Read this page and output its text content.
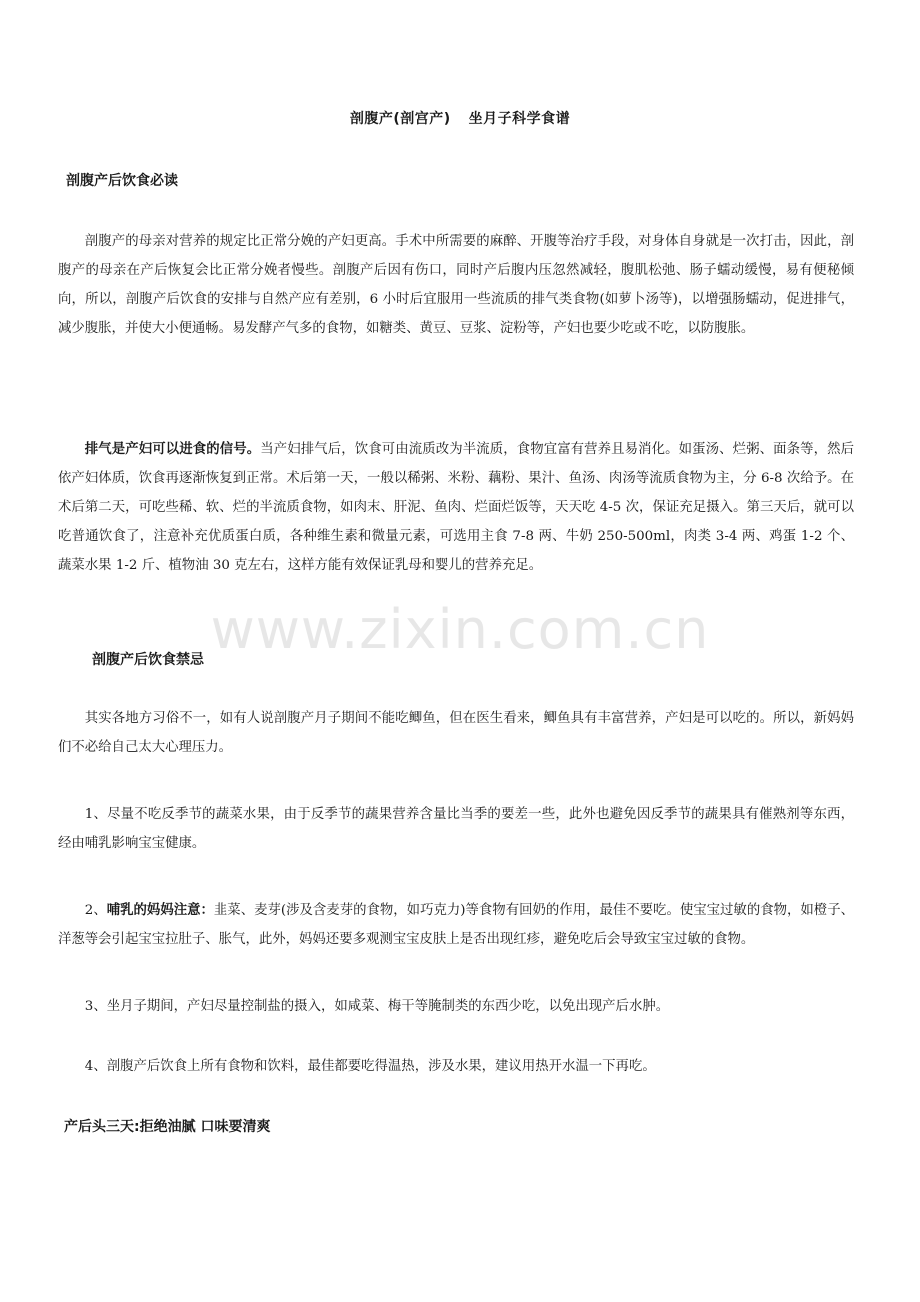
剖腹产(剖宫产) 坐月子科学食谱
剖腹产后饮食必读
剖腹产的母亲对营养的规定比正常分娩的产妇更高。手术中所需要的麻醉、开腹等治疗手段，对身体自身就是一次打击，因此，剖腹产的母亲在产后恢复会比正常分娩者慢些。剖腹产后因有伤口，同时产后腹内压忽然减轻，腹肌松弛、肠子蠕动缓慢，易有便秘倾向，所以，剖腹产后饮食的安排与自然产应有差别，6 小时后宜服用一些流质的排气类食物(如萝卜汤等)，以增强肠蠕动，促进排气，减少腹胀，并使大小便通畅。易发酵产气多的食物，如糖类、黄豆、豆浆、淀粉等，产妇也要少吃或不吃，以防腹胀。
排气是产妇可以进食的信号。当产妇排气后，饮食可由流质改为半流质，食物宜富有营养且易消化。如蛋汤、烂粥、面条等，然后依产妇体质，饮食再逐渐恢复到正常。术后第一天，一般以稀粥、米粉、藕粉、果汁、鱼汤、肉汤等流质食物为主，分 6-8 次给予。在术后第二天，可吃些稀、软、烂的半流质食物，如肉末、肝泥、鱼肉、烂面烂饭等，天天吃 4-5 次，保证充足摄入。第三天后，就可以吃普通饮食了，注意补充优质蛋白质，各种维生素和微量元素，可选用主食 7-8 两、牛奶 250-500ml，肉类 3-4 两、鸡蛋 1-2 个、蔬菜水果 1-2 斤、植物油 30 克左右，这样方能有效保证乳母和婴儿的营养充足。
www.zixin.com.cn
剖腹产后饮食禁忌
其实各地方习俗不一，如有人说剖腹产月子期间不能吃鲫鱼，但在医生看来，鲫鱼具有丰富营养，产妇是可以吃的。所以，新妈妈们不必给自己太大心理压力。
1、尽量不吃反季节的蔬菜水果，由于反季节的蔬果营养含量比当季的要差一些，此外也避免因反季节的蔬果具有催熟剂等东西，经由哺乳影响宝宝健康。
2、哺乳的妈妈注意：韭菜、麦芽(涉及含麦芽的食物，如巧克力)等食物有回奶的作用，最佳不要吃。使宝宝过敏的食物，如橙子、洋葱等会引起宝宝拉肚子、胀气，此外，妈妈还要多观测宝宝皮肤上是否出现红疹，避免吃后会导致宝宝过敏的食物。
3、坐月子期间，产妇尽量控制盐的摄入，如咸菜、梅干等腌制类的东西少吃，以免出现产后水肿。
4、剖腹产后饮食上所有食物和饮料，最佳都要吃得温热，涉及水果，建议用热开水温一下再吃。
产后头三天:拒绝油腻 口味要清爽
